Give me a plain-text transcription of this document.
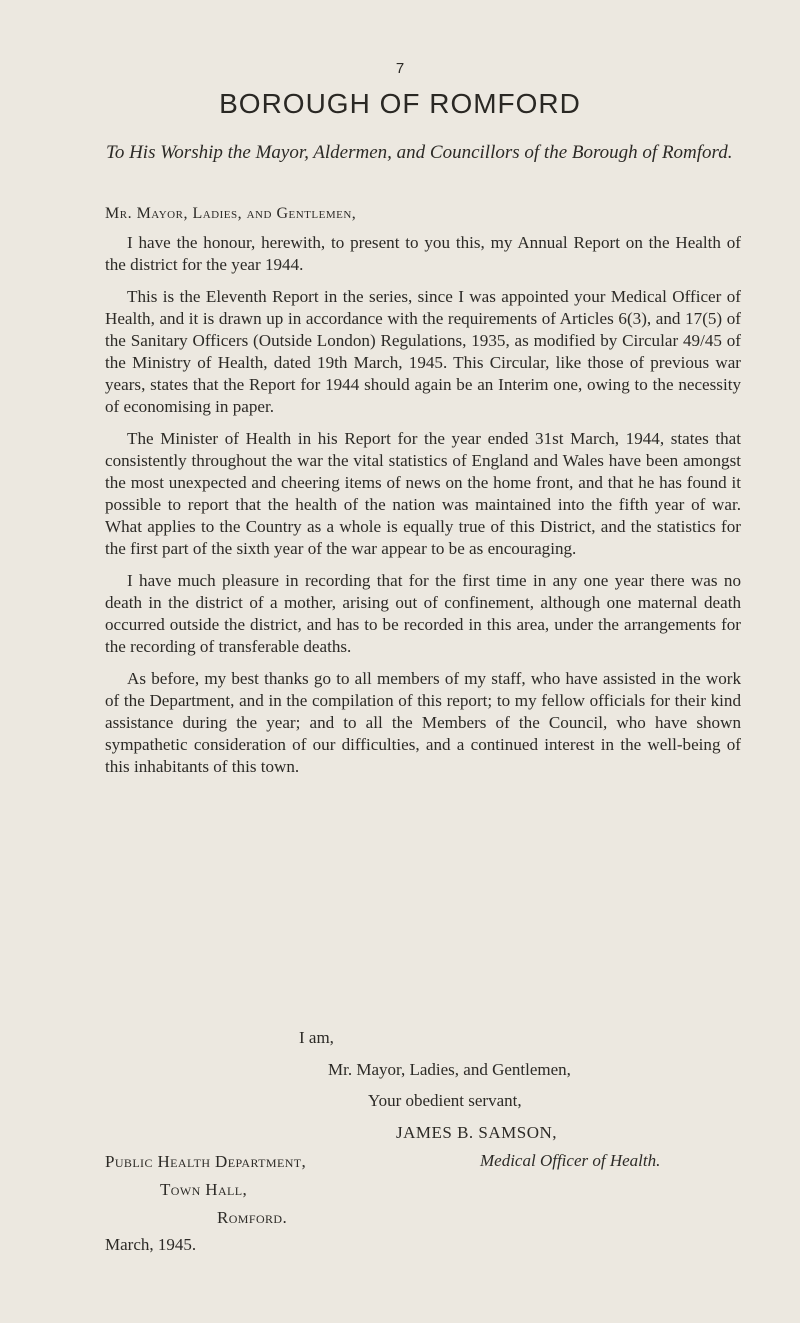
7
BOROUGH OF ROMFORD
To His Worship the Mayor, Aldermen, and Councillors of the Borough of Romford.
Mr. Mayor, Ladies, and Gentlemen,

I have the honour, herewith, to present to you this, my Annual Report on the Health of the district for the year 1944.

This is the Eleventh Report in the series, since I was appointed your Medical Officer of Health, and it is drawn up in accordance with the requirements of Articles 6(3), and 17(5) of the Sanitary Officers (Outside London) Regulations, 1935, as modified by Circular 49/45 of the Ministry of Health, dated 19th March, 1945. This Circular, like those of previous war years, states that the Report for 1944 should again be an Interim one, owing to the necessity of economising in paper.

The Minister of Health in his Report for the year ended 31st March, 1944, states that consistently throughout the war the vital statistics of England and Wales have been amongst the most unexpected and cheering items of news on the home front, and that he has found it possible to report that the health of the nation was maintained into the fifth year of war. What applies to the Country as a whole is equally true of this District, and the statistics for the first part of the sixth year of the war appear to be as encouraging.

I have much pleasure in recording that for the first time in any one year there was no death in the district of a mother, arising out of confinement, although one maternal death occurred outside the district, and has to be recorded in this area, under the arrangements for the recording of transferable deaths.

As before, my best thanks go to all members of my staff, who have assisted in the work of the Department, and in the compilation of this report; to my fellow officials for their kind assistance during the year; and to all the Members of the Council, who have shown sympathetic consideration of our difficulties, and a continued interest in the well-being of this inhabitants of this town.

I am,
Mr. Mayor, Ladies, and Gentlemen,
Your obedient servant,
JAMES B. SAMSON,
Medical Officer of Health.
Public Health Department,
Town Hall,
Romford.
March, 1945.
